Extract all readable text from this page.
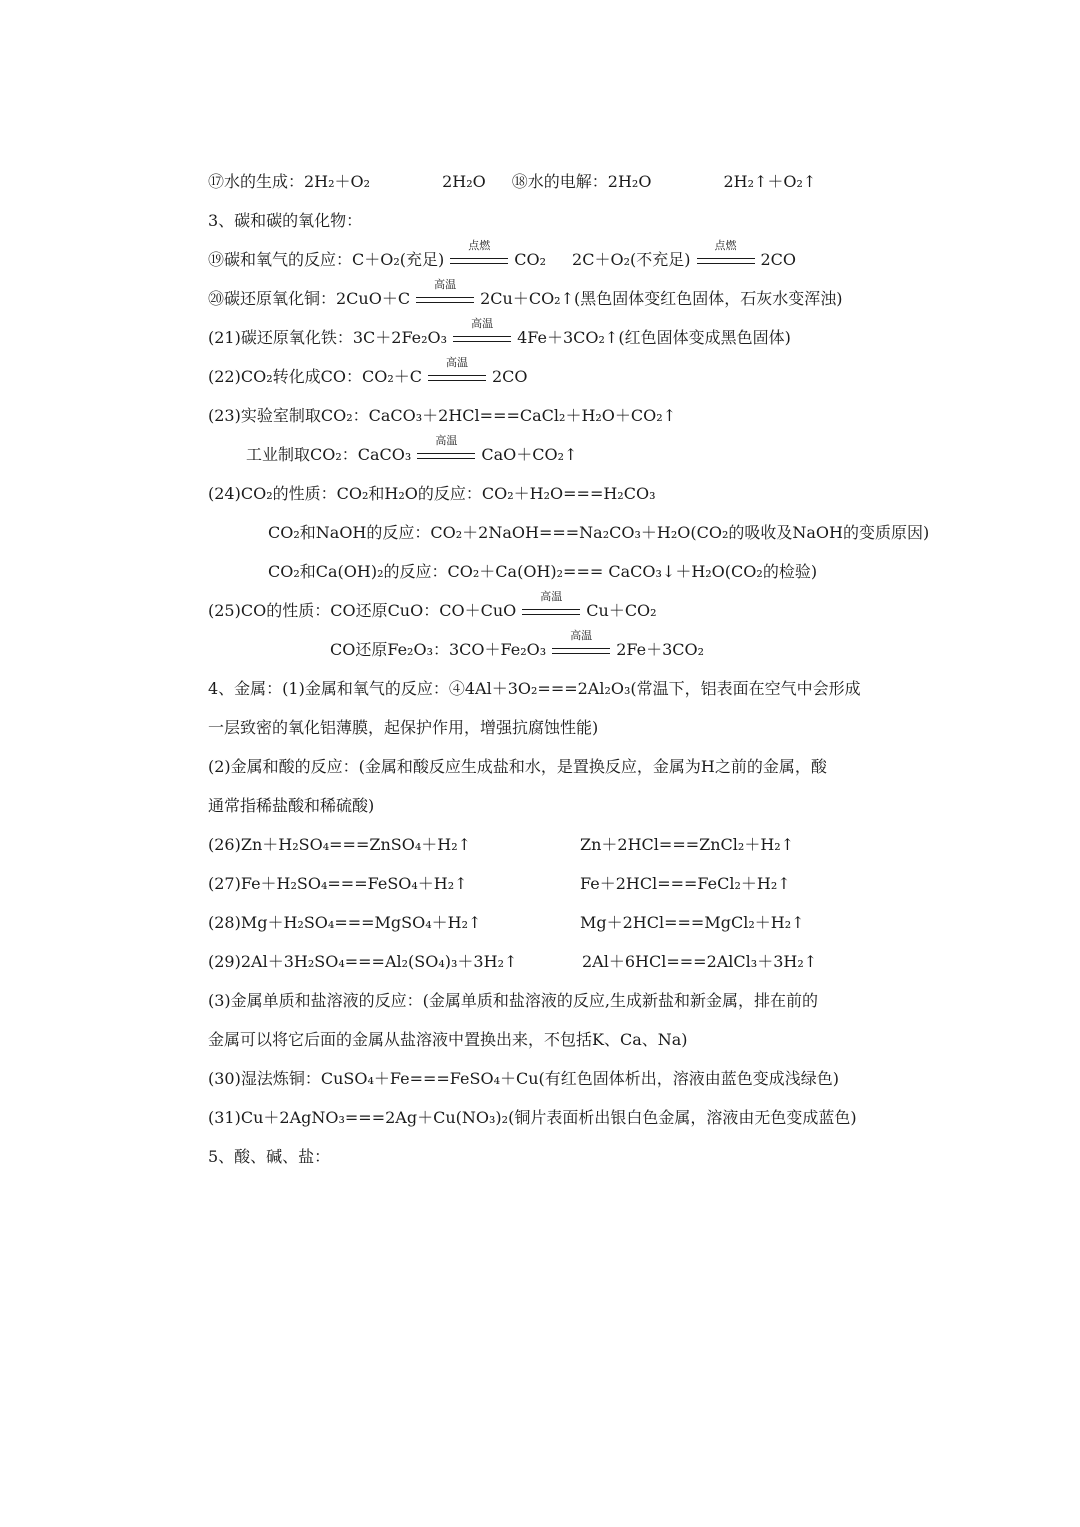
⑰水的生成：2H₂＋O₂	2H₂O ⑱水的电解：2H₂O	2H₂↑＋O₂↑
3、碳和碳的氧化物：
⑲碳和氧气的反应：C＋O₂(充足)
点燃
CO₂ 2C＋O₂(不充足)
点燃
2CO
⑳碳还原氧化铜：2CuO＋C
高温
2Cu＋CO₂↑(黑色固体变红色固体，石灰水变浑浊)
(21)碳还原氧化铁：3C＋2Fe₂O₃
高温
4Fe＋3CO₂↑(红色固体变成黑色固体)
(22)CO₂转化成CO：CO₂＋C
高温
2CO
(23)实验室制取CO₂：CaCO₃＋2HCl===CaCl₂＋H₂O＋CO₂↑
工业制取CO₂：CaCO₃
高温
CaO＋CO₂↑
(24)CO₂的性质：CO₂和H₂O的反应：CO₂＋H₂O===H₂CO₃
CO₂和NaOH的反应：CO₂＋2NaOH===Na₂CO₃＋H₂O(CO₂的吸收及NaOH的变质原因)
CO₂和Ca(OH)₂的反应：CO₂＋Ca(OH)₂=== CaCO₃↓＋H₂O(CO₂的检验)
(25)CO的性质：CO还原CuO：CO＋CuO
高温
Cu＋CO₂
CO还原Fe₂O₃：3CO＋Fe₂O₃
高温
2Fe＋3CO₂
4、金属：(1)金属和氧气的反应：④4Al＋3O₂===2Al₂O₃(常温下，铝表面在空气中会形成
一层致密的氧化铝薄膜，起保护作用，增强抗腐蚀性能)
(2)金属和酸的反应：(金属和酸反应生成盐和水，是置换反应，金属为H之前的金属，酸
通常指稀盐酸和稀硫酸)
(26)Zn＋H₂SO₄===ZnSO₄＋H₂↑	Zn＋2HCl===ZnCl₂＋H₂↑
(27)Fe＋H₂SO₄===FeSO₄＋H₂↑	Fe＋2HCl===FeCl₂＋H₂↑
(28)Mg＋H₂SO₄===MgSO₄＋H₂↑	Mg＋2HCl===MgCl₂＋H₂↑
(29)2Al＋3H₂SO₄===Al₂(SO₄)₃＋3H₂↑	2Al＋6HCl===2AlCl₃＋3H₂↑
(3)金属单质和盐溶液的反应：(金属单质和盐溶液的反应,生成新盐和新金属，排在前的
金属可以将它后面的金属从盐溶液中置换出来，不包括K、Ca、Na)
(30)湿法炼铜：CuSO₄＋Fe===FeSO₄＋Cu(有红色固体析出，溶液由蓝色变成浅绿色)
(31)Cu＋2AgNO₃===2Ag＋Cu(NO₃)₂(铜片表面析出银白色金属，溶液由无色变成蓝色)
5、酸、碱、盐：
